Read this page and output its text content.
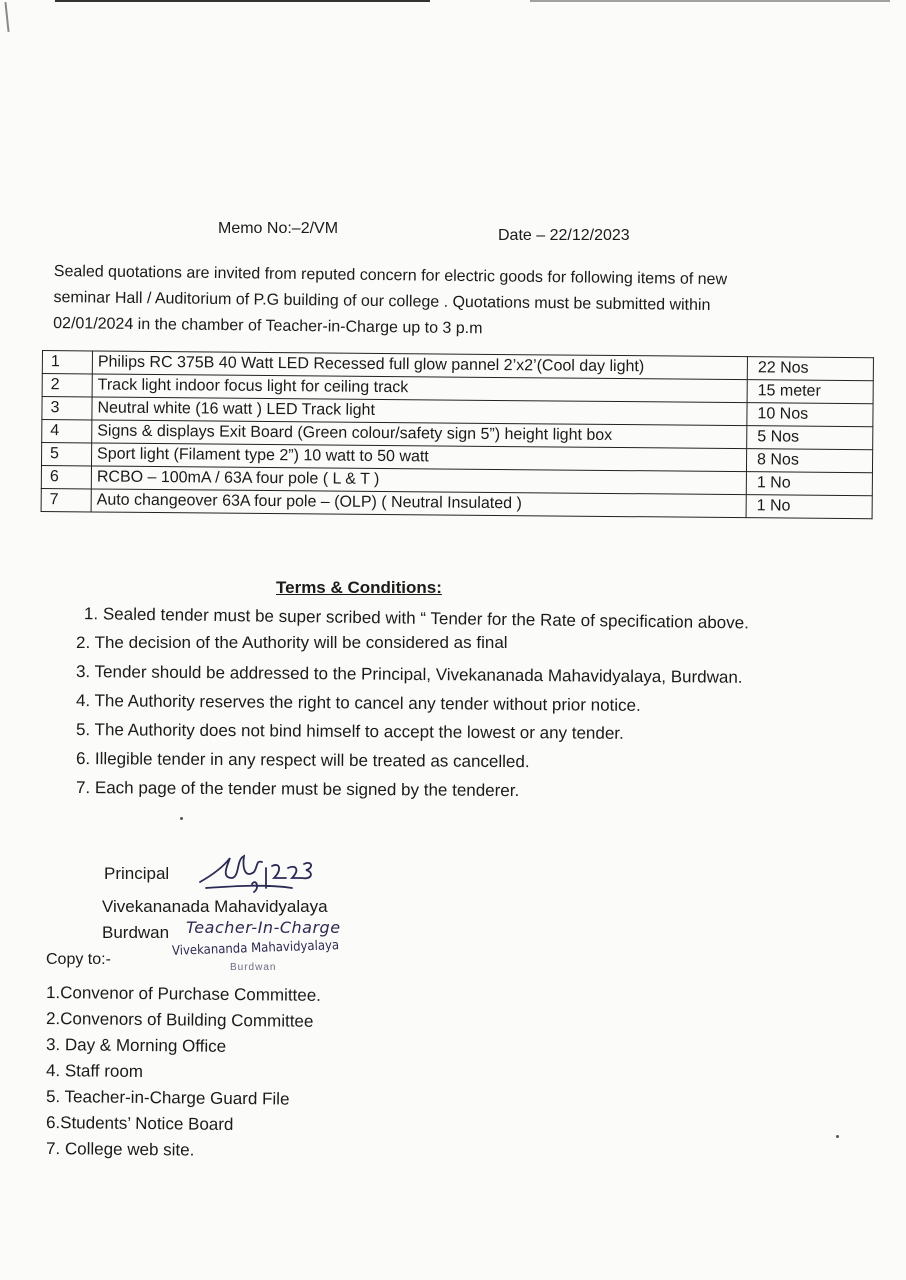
Memo No:–2/VM	Date – 22/12/2023
Sealed quotations are invited from reputed concern for electric goods for following items of new
seminar Hall / Auditorium of P.G building of our college . Quotations must be submitted within
02/01/2024 in the chamber of Teacher-in-Charge up to 3 p.m
1	Philips RC 375B 40 Watt LED Recessed full glow pannel 2’x2’(Cool day light)	22 Nos
2	Track light indoor focus light for ceiling track	15 meter
3	Neutral white (16 watt ) LED Track light	10 Nos
4	Signs & displays Exit Board (Green colour/safety sign 5”) height light box	5 Nos
5	Sport light (Filament type 2”) 10 watt to 50 watt	8 Nos
6	RCBO – 100mA / 63A four pole ( L & T )	1 No
7	Auto changeover 63A four pole – (OLP) ( Neutral Insulated )	1 No
Terms & Conditions:
1. Sealed tender must be super scribed with “ Tender for the Rate of specification above.
2. The decision of the Authority will be considered as final
3. Tender should be addressed to the Principal, Vivekananada Mahavidyalaya, Burdwan.
4. The Authority reserves the right to cancel any tender without prior notice.
5. The Authority does not bind himself to accept the lowest or any tender.
6. Illegible tender in any respect will be treated as cancelled.
7. Each page of the tender must be signed by the tenderer.
Principal
Vivekananada Mahavidyalaya
Burdwan Teacher-In-Charge
Vivekananda Mahavidyalaya
Burdwan
Copy to:-
1.Convenor of Purchase Committee.
2.Convenors of Building Committee
3. Day & Morning Office
4. Staff room
5. Teacher-in-Charge Guard File
6.Students’ Notice Board
7. College web site.
